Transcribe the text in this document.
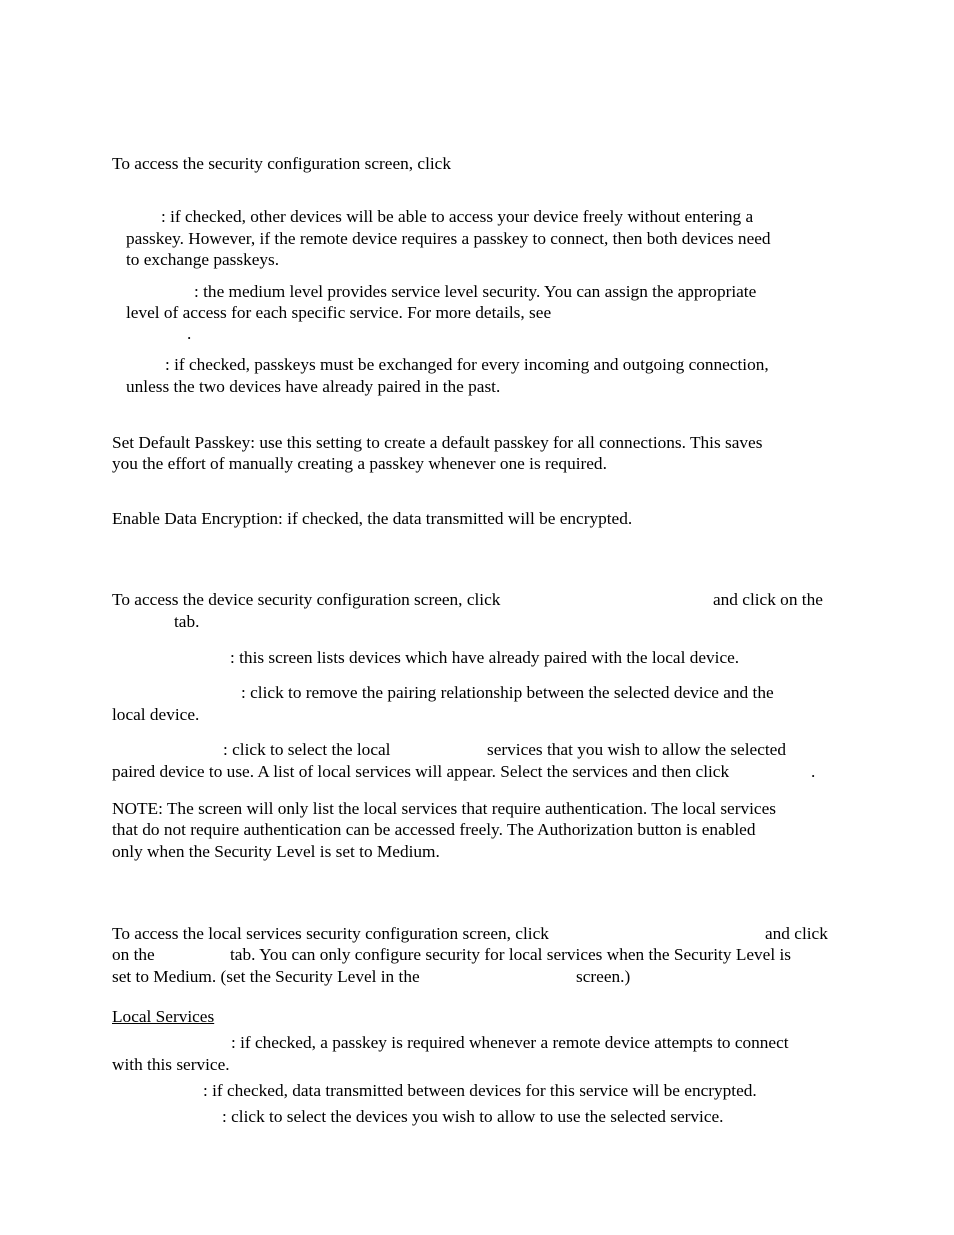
To access the security configuration screen, click

: if checked, other devices will be able to access your device freely without entering a

passkey. However, if the remote device requires a passkey to connect, then both devices need

to exchange passkeys.

: the medium level provides service level security. You can assign the appropriate

level of access for each specific service. For more details, see

.

: if checked, passkeys must be exchanged for every incoming and outgoing connection,

unless the two devices have already paired in the past.

Set Default Passkey: use this setting to create a default passkey for all connections. This saves

you the effort of manually creating a passkey whenever one is required.

Enable Data Encryption: if checked, the data transmitted will be encrypted.

To access the device security configuration screen, click	and click on the

tab.

: this screen lists devices which have already paired with the local device.

: click to remove the pairing relationship between the selected device and the

local device.

: click to select the local	services that you wish to allow the selected

paired device to use. A list of local services will appear. Select the services and then click	.

NOTE: The screen will only list the local services that require authentication. The local services

that do not require authentication can be accessed freely. The Authorization button is enabled

only when the Security Level is set to Medium.

To access the local services security configuration screen, click	and click

on the	tab. You can only configure security for local services when the Security Level is

set to Medium. (set the Security Level in the	screen.)

Local Services

: if checked, a passkey is required whenever a remote device attempts to connect

with this service.

: if checked, data transmitted between devices for this service will be encrypted.

: click to select the devices you wish to allow to use the selected service.
